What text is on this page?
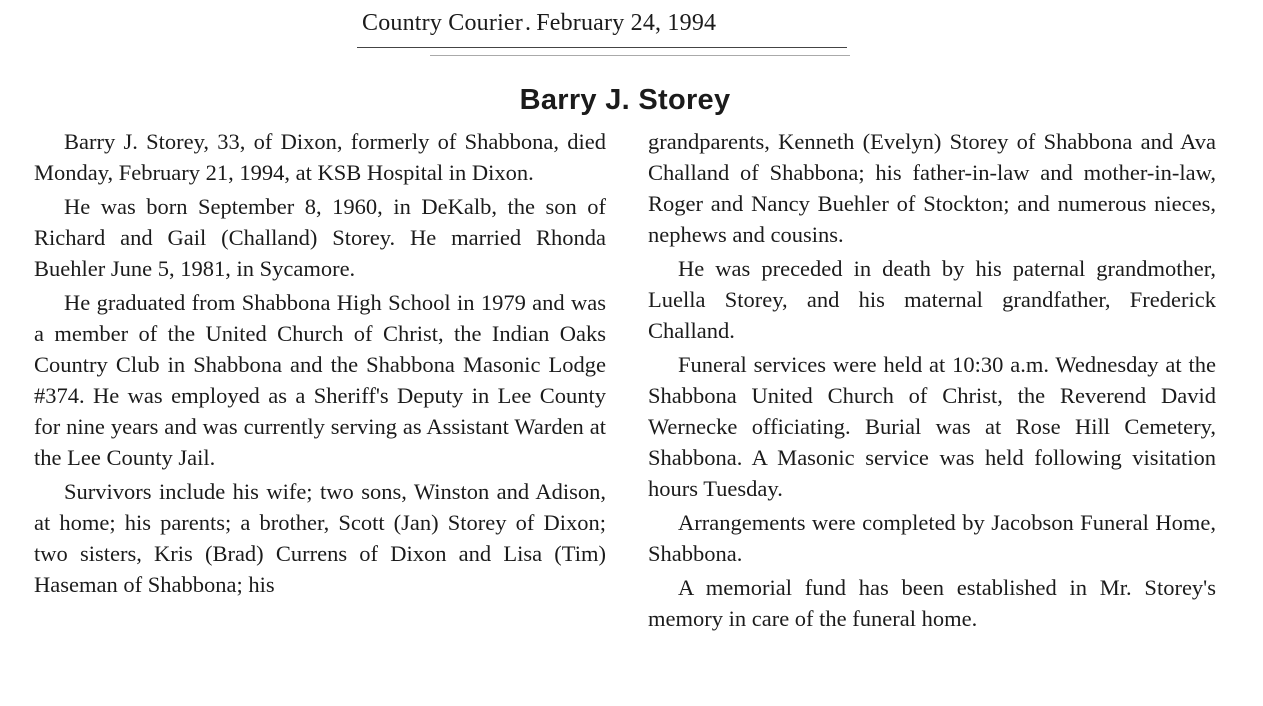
Country Courier. February 24, 1994
Barry J. Storey

Barry J. Storey, 33, of Dixon, formerly of Shabbona, died Monday, February 21, 1994, at KSB Hospital in Dixon.

He was born September 8, 1960, in DeKalb, the son of Richard and Gail (Challand) Storey. He married Rhonda Buehler June 5, 1981, in Sycamore.

He graduated from Shabbona High School in 1979 and was a member of the United Church of Christ, the Indian Oaks Country Club in Shabbona and the Shabbona Masonic Lodge #374. He was employed as a Sheriff's Deputy in Lee County for nine years and was currently serving as Assistant Warden at the Lee County Jail.

Survivors include his wife; two sons, Winston and Adison, at home; his parents; a brother, Scott (Jan) Storey of Dixon; two sisters, Kris (Brad) Currens of Dixon and Lisa (Tim) Haseman of Shabbona; his

grandparents, Kenneth (Evelyn) Storey of Shabbona and Ava Challand of Shabbona; his father-in-law and mother-in-law, Roger and Nancy Buehler of Stockton; and numerous nieces, nephews and cousins.

He was preceded in death by his paternal grandmother, Luella Storey, and his maternal grandfather, Frederick Challand.

Funeral services were held at 10:30 a.m. Wednesday at the Shabbona United Church of Christ, the Reverend David Wernecke officiating. Burial was at Rose Hill Cemetery, Shabbona. A Masonic service was held following visitation hours Tuesday.

Arrangements were completed by Jacobson Funeral Home, Shabbona.

A memorial fund has been established in Mr. Storey's memory in care of the funeral home.
